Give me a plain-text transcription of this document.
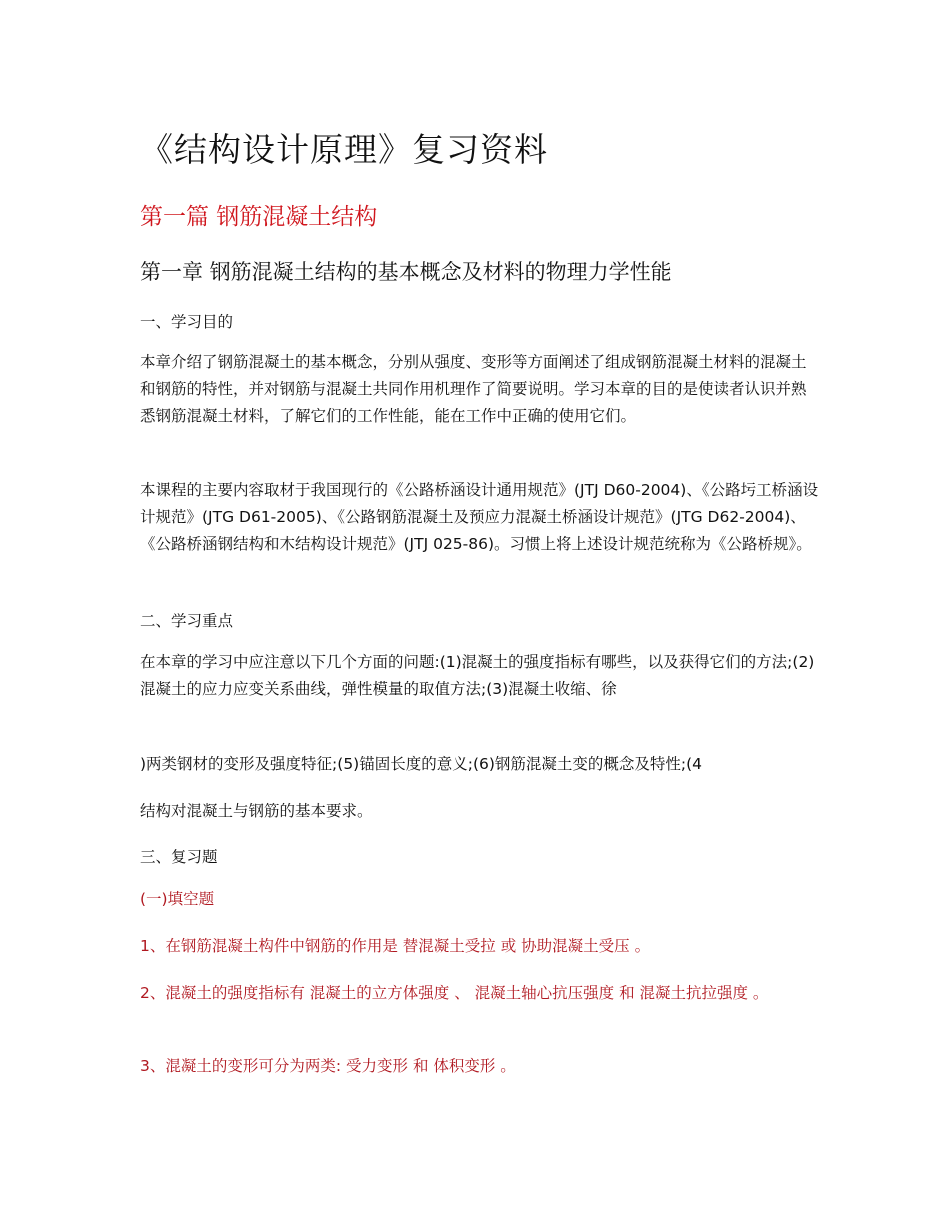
《结构设计原理》复习资料
第一篇 钢筋混凝土结构
第一章 钢筋混凝土结构的基本概念及材料的物理力学性能
一、学习目的

本章介绍了钢筋混凝土的基本概念，分别从强度、变形等方面阐述了组成钢筋混凝土材料的混凝土和钢筋的特性，并对钢筋与混凝土共同作用机理作了简要说明。学习本章的目的是使读者认识并熟悉钢筋混凝土材料，了解它们的工作性能，能在工作中正确的使用它们。

本课程的主要内容取材于我国现行的《公路桥涵设计通用规范》(JTJ D60-2004)、《公路圬工桥涵设计规范》(JTG D61-2005)、《公路钢筋混凝土及预应力混凝土桥涵设计规范》(JTG D62-2004)、《公路桥涵钢结构和木结构设计规范》(JTJ 025-86)。习惯上将上述设计规范统称为《公路桥规》。

二、学习重点

在本章的学习中应注意以下几个方面的问题:(1)混凝土的强度指标有哪些，以及获得它们的方法;(2)混凝土的应力应变关系曲线，弹性模量的取值方法;(3)混凝土收缩、徐

)两类钢材的变形及强度特征;(5)锚固长度的意义;(6)钢筋混凝土变的概念及特性;(4
结构对混凝土与钢筋的基本要求。
三、复习题
(一)填空题

1、在钢筋混凝土构件中钢筋的作用是 替混凝土受拉 或 协助混凝土受压 。

2、混凝土的强度指标有 混凝土的立方体强度 、 混凝土轴心抗压强度 和 混凝土抗拉强度 。

3、混凝土的变形可分为两类: 受力变形 和 体积变形 。
